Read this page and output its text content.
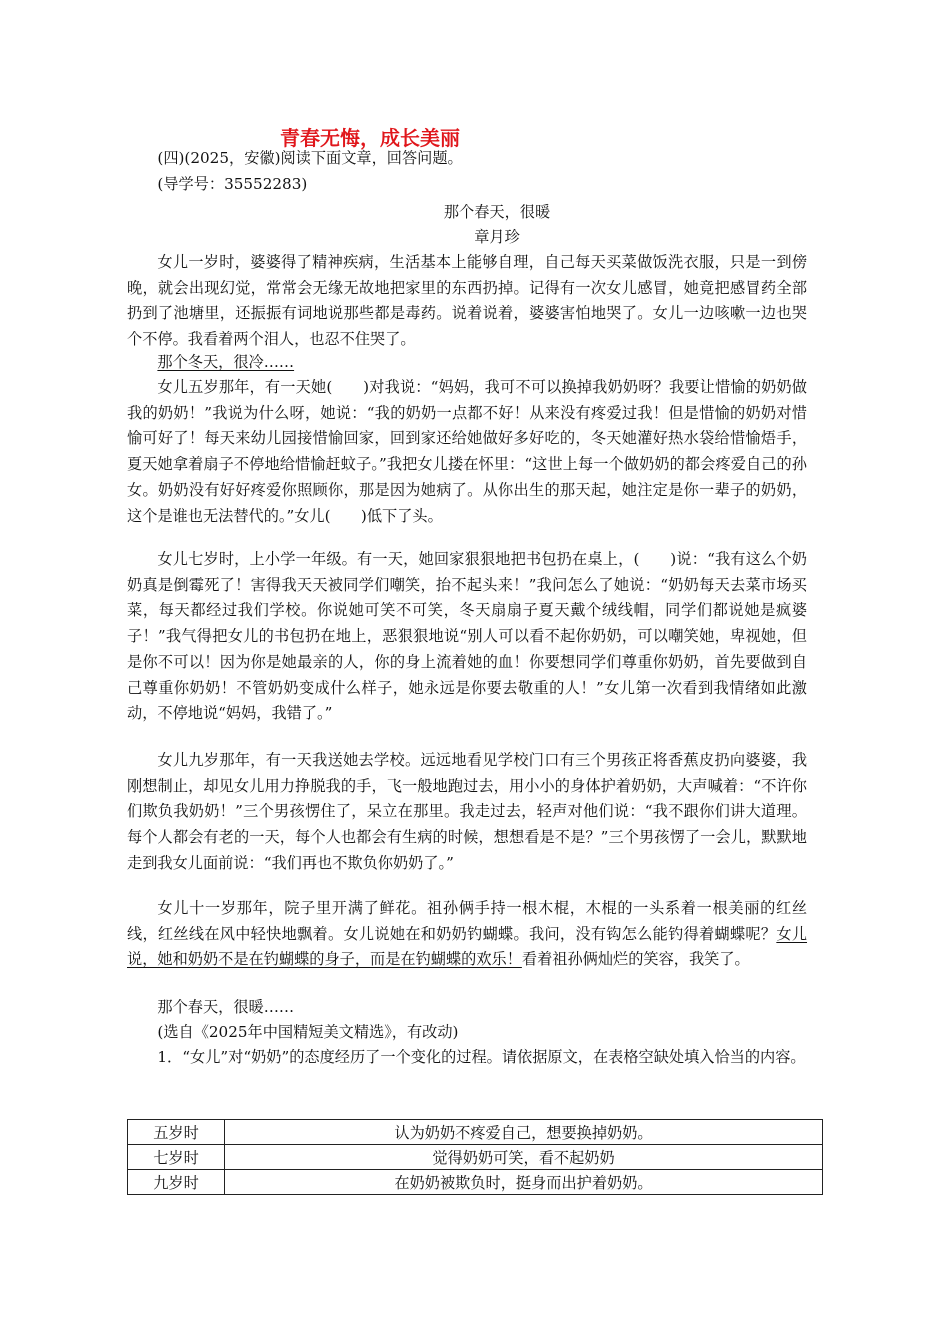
青春无悔，成长美丽
(四)(2025，安徽)阅读下面文章，回答问题。
(导学号：35552283)
那个春天，很暖
章月珍

女儿一岁时，婆婆得了精神疾病，生活基本上能够自理，自己每天买菜做饭洗衣服，只是一到傍晚，就会出现幻觉，常常会无缘无故地把家里的东西扔掉。记得有一次女儿感冒，她竟把感冒药全部扔到了池塘里，还振振有词地说那些都是毒药。说着说着，婆婆害怕地哭了。女儿一边咳嗽一边也哭个不停。我看着两个泪人，也忍不住哭了。

那个冬天，很冷……

女儿五岁那年，有一天她(　　)对我说：“妈妈，我可不可以换掉我奶奶呀？我要让惜愉的奶奶做我的奶奶！”我说为什么呀，她说：“我的奶奶一点都不好！从来没有疼爱过我！但是惜愉的奶奶对惜愉可好了！每天来幼儿园接惜愉回家，回到家还给她做好多好吃的，冬天她灌好热水袋给惜愉焐手，夏天她拿着扇子不停地给惜愉赶蚊子。”我把女儿搂在怀里：“这世上每一个做奶奶的都会疼爱自己的孙女。奶奶没有好好疼爱你照顾你，那是因为她病了。从你出生的那天起，她注定是你一辈子的奶奶，这个是谁也无法替代的。”女儿(　　)低下了头。

女儿七岁时，上小学一年级。有一天，她回家狠狠地把书包扔在桌上，(　　)说：“我有这么个奶奶真是倒霉死了！害得我天天被同学们嘲笑，抬不起头来！”我问怎么了她说：“奶奶每天去菜市场买菜，每天都经过我们学校。你说她可笑不可笑，冬天扇扇子夏天戴个绒线帽，同学们都说她是疯婆子！”我气得把女儿的书包扔在地上，恶狠狠地说“别人可以看不起你奶奶，可以嘲笑她，卑视她，但是你不可以！因为你是她最亲的人，你的身上流着她的血！你要想同学们尊重你奶奶，首先要做到自己尊重你奶奶！不管奶奶变成什么样子，她永远是你要去敬重的人！”女儿第一次看到我情绪如此激动，不停地说“妈妈，我错了。”

女儿九岁那年，有一天我送她去学校。远远地看见学校门口有三个男孩正将香蕉皮扔向婆婆，我刚想制止，却见女儿用力挣脱我的手，飞一般地跑过去，用小小的身体护着奶奶，大声喊着：“不许你们欺负我奶奶！”三个男孩愣住了，呆立在那里。我走过去，轻声对他们说：“我不跟你们讲大道理。每个人都会有老的一天，每个人也都会有生病的时候，想想看是不是？”三个男孩愣了一会儿，默默地走到我女儿面前说：“我们再也不欺负你奶奶了。”

女儿十一岁那年，院子里开满了鲜花。祖孙俩手持一根木棍，木棍的一头系着一根美丽的红丝线，红丝线在风中轻快地飘着。女儿说她在和奶奶钓蝴蝶。我问，没有钩怎么能钓得着蝴蝶呢？女儿说，她和奶奶不是在钓蝴蝶的身子，而是在钓蝴蝶的欢乐！看着祖孙俩灿烂的笑容，我笑了。

那个春天，很暖……
(选自《2025年中国精短美文精选》，有改动)

1．“女儿”对“奶奶”的态度经历了一个变化的过程。请依据原文，在表格空缺处填入恰当的内容。

五岁时	认为奶奶不疼爱自己，想要换掉奶奶。
七岁时	觉得奶奶可笑，看不起奶奶
九岁时	在奶奶被欺负时，挺身而出护着奶奶。
